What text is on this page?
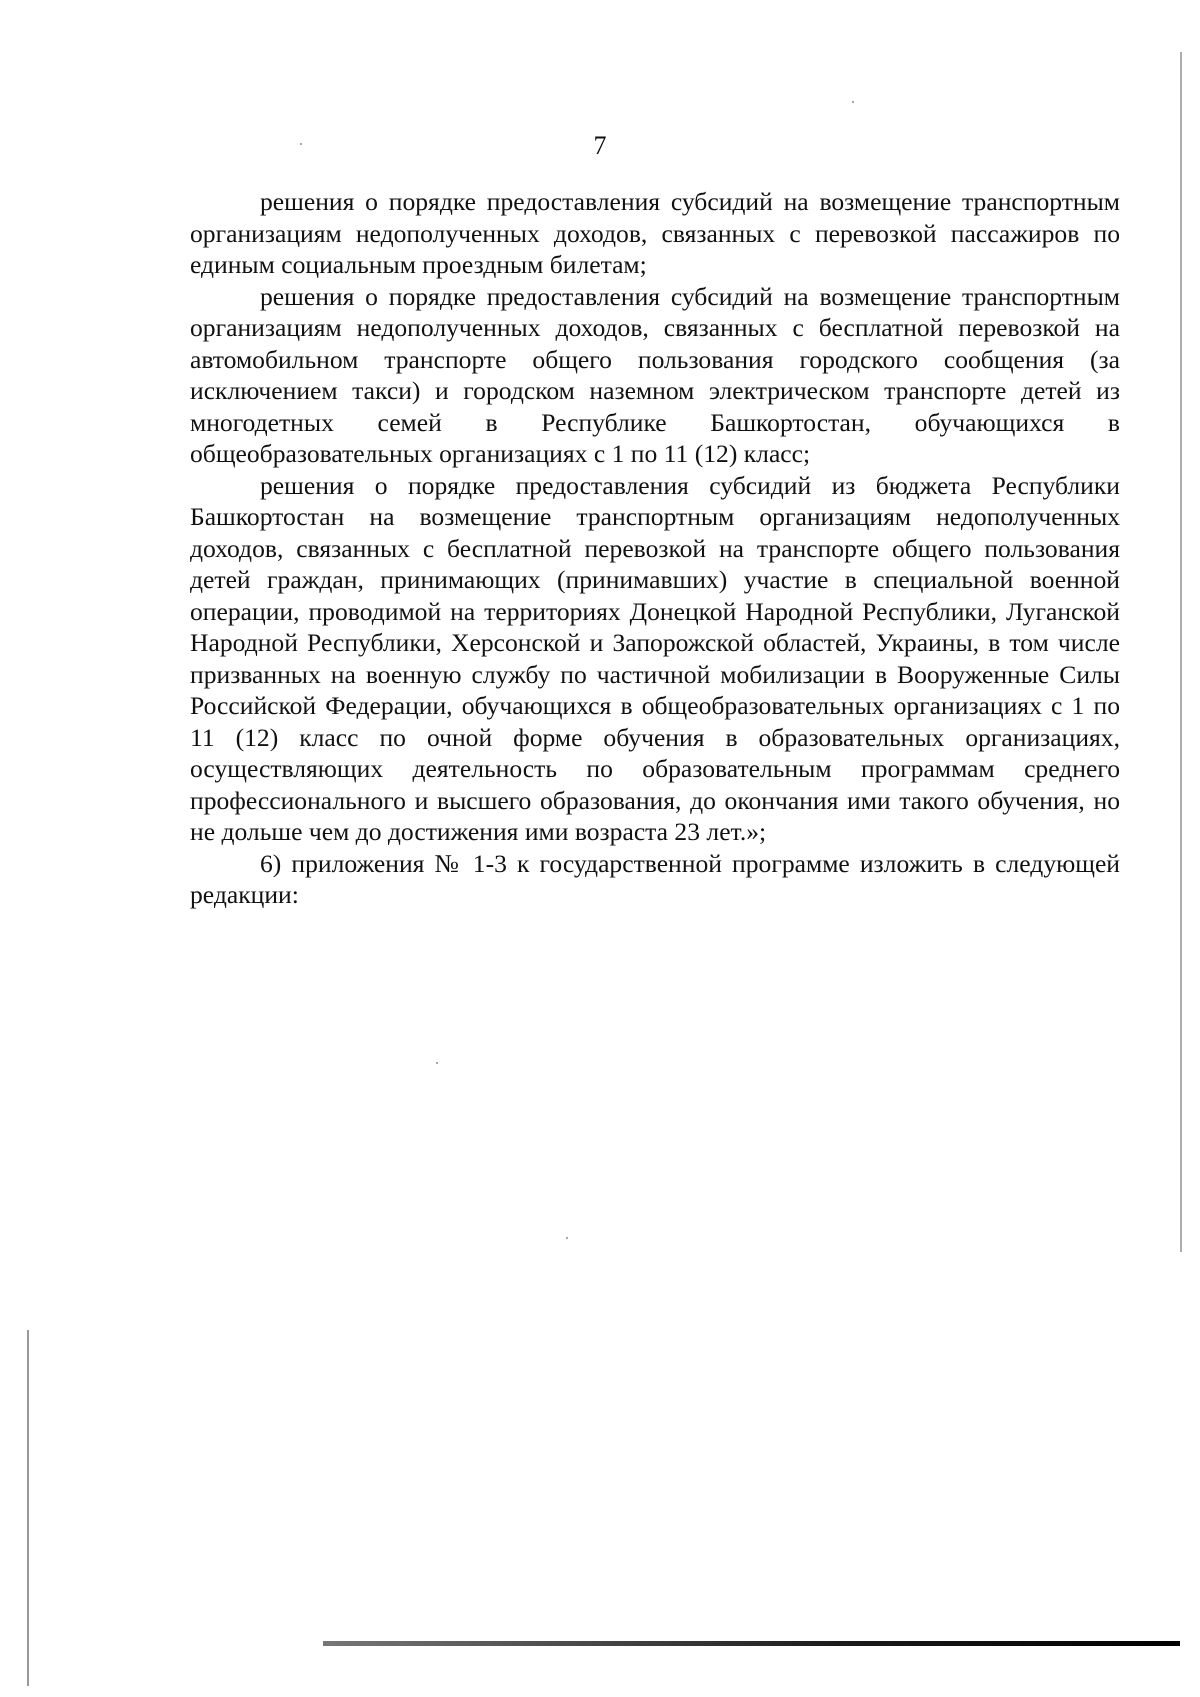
7

решения о порядке предоставления субсидий на возмещение транспортным организациям недополученных доходов, связанных с перевозкой пассажиров по единым социальным проездным билетам;

решения о порядке предоставления субсидий на возмещение транспортным организациям недополученных доходов, связанных с бесплатной перевозкой на автомобильном транспорте общего пользования городского сообщения (за исключением такси) и городском наземном электрическом транспорте детей из многодетных семей в Республике Башкортостан, обучающихся в общеобразовательных организациях с 1 по 11 (12) класс;

решения о порядке предоставления субсидий из бюджета Республики Башкортостан на возмещение транспортным организациям недополученных доходов, связанных с бесплатной перевозкой на транспорте общего пользования детей граждан, принимающих (принимавших) участие в специальной военной операции, проводимой на территориях Донецкой Народной Республики, Луганской Народной Республики, Херсонской и Запорожской областей, Украины, в том числе призванных на военную службу по частичной мобилизации в Вооруженные Силы Российской Федерации, обучающихся в общеобразовательных организациях с 1 по 11 (12) класс по очной форме обучения в образовательных организациях, осуществляющих деятельность по образовательным программам среднего профессионального и высшего образования, до окончания ими такого обучения, но не дольше чем до достижения ими возраста 23 лет.»;

6) приложения № 1-3 к государственной программе изложить в следующей редакции:
